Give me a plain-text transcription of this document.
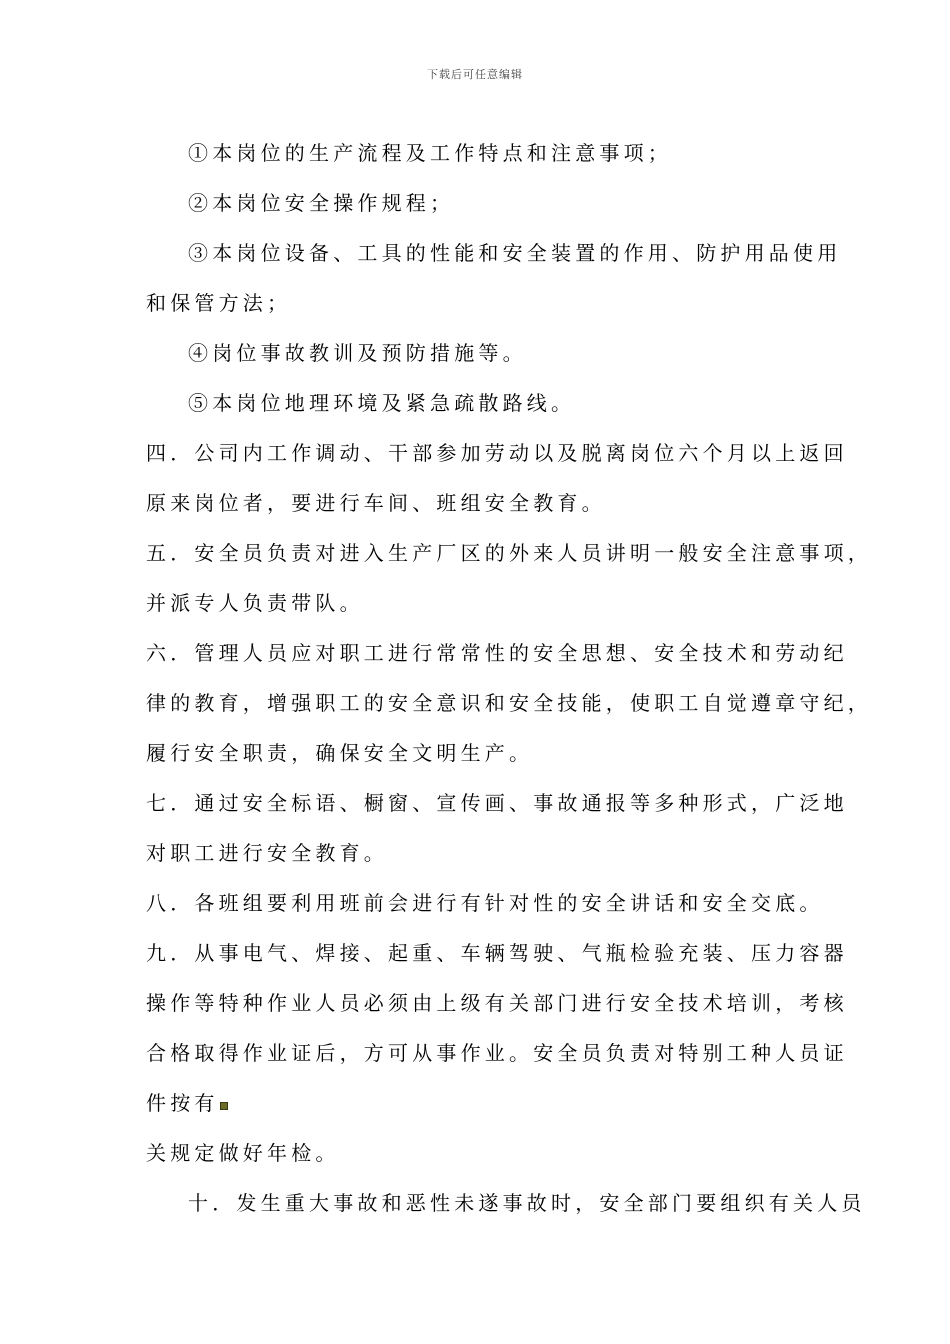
下载后可任意编辑
①本岗位的生产流程及工作特点和注意事项；
②本岗位安全操作规程；
③本岗位设备、工具的性能和安全装置的作用、防护用品使用
和保管方法；
④岗位事故教训及预防措施等。
⑤本岗位地理环境及紧急疏散路线。
四．公司内工作调动、干部参加劳动以及脱离岗位六个月以上返回
原来岗位者，要进行车间、班组安全教育。
五．安全员负责对进入生产厂区的外来人员讲明一般安全注意事项，
并派专人负责带队。
六．管理人员应对职工进行常常性的安全思想、安全技术和劳动纪
律的教育，增强职工的安全意识和安全技能，使职工自觉遵章守纪，
履行安全职责，确保安全文明生产。
七．通过安全标语、橱窗、宣传画、事故通报等多种形式，广泛地
对职工进行安全教育。
八．各班组要利用班前会进行有针对性的安全讲话和安全交底。
九．从事电气、焊接、起重、车辆驾驶、气瓶检验充装、压力容器
操作等特种作业人员必须由上级有关部门进行安全技术培训，考核
合格取得作业证后，方可从事作业。安全员负责对特别工种人员证
件按有
关规定做好年检。
十．发生重大事故和恶性未遂事故时，安全部门要组织有关人员
